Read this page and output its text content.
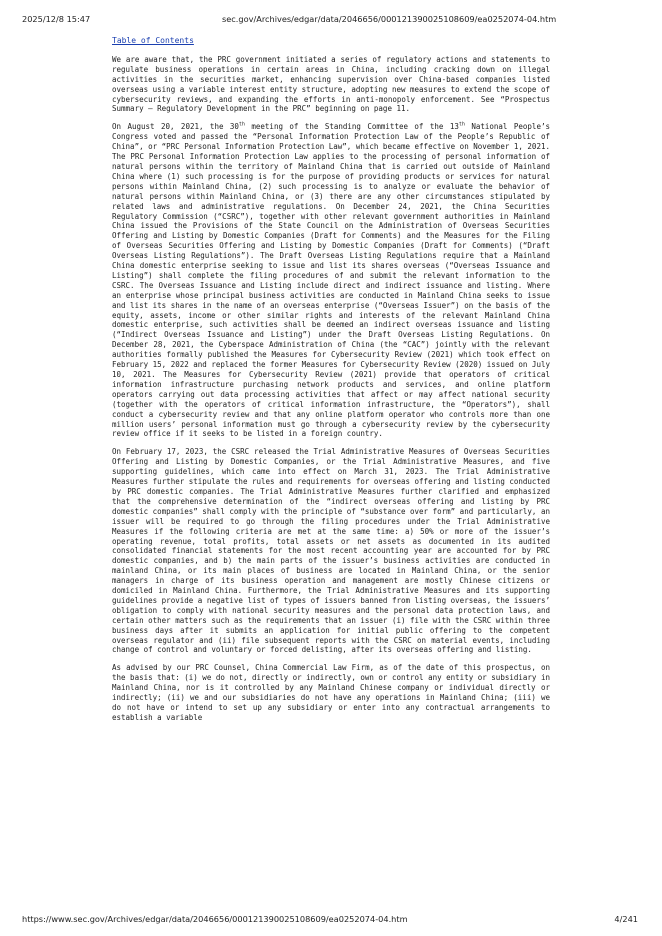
2025/12/8 15:47	sec.gov/Archives/edgar/data/2046656/000121390025108609/ea0252074-04.htm
Table of Contents

We are aware that, the PRC government initiated a series of regulatory actions and statements to regulate business operations in certain areas in China, including cracking down on illegal activities in the securities market, enhancing supervision over China-based companies listed overseas using a variable interest entity structure, adopting new measures to extend the scope of cybersecurity reviews, and expanding the efforts in anti-monopoly enforcement. See “Prospectus Summary — Regulatory Development in the PRC” beginning on page 11.

On August 20, 2021, the 30th meeting of the Standing Committee of the 13th National People’s Congress voted and passed the “Personal Information Protection Law of the People’s Republic of China”, or “PRC Personal Information Protection Law”, which became effective on November 1, 2021. The PRC Personal Information Protection Law applies to the processing of personal information of natural persons within the territory of Mainland China that is carried out outside of Mainland China where (1) such processing is for the purpose of providing products or services for natural persons within Mainland China, (2) such processing is to analyze or evaluate the behavior of natural persons within Mainland China, or (3) there are any other circumstances stipulated by related laws and administrative regulations. On December 24, 2021, the China Securities Regulatory Commission (“CSRC”), together with other relevant government authorities in Mainland China issued the Provisions of the State Council on the Administration of Overseas Securities Offering and Listing by Domestic Companies (Draft for Comments) and the Measures for the Filing of Overseas Securities Offering and Listing by Domestic Companies (Draft for Comments) (“Draft Overseas Listing Regulations”). The Draft Overseas Listing Regulations require that a Mainland China domestic enterprise seeking to issue and list its shares overseas (“Overseas Issuance and Listing”) shall complete the filing procedures of and submit the relevant information to the CSRC. The Overseas Issuance and Listing include direct and indirect issuance and listing. Where an enterprise whose principal business activities are conducted in Mainland China seeks to issue and list its shares in the name of an overseas enterprise (“Overseas Issuer”) on the basis of the equity, assets, income or other similar rights and interests of the relevant Mainland China domestic enterprise, such activities shall be deemed an indirect overseas issuance and listing (“Indirect Overseas Issuance and Listing”) under the Draft Overseas Listing Regulations. On December 28, 2021, the Cyberspace Administration of China (the “CAC”) jointly with the relevant authorities formally published the Measures for Cybersecurity Review (2021) which took effect on February 15, 2022 and replaced the former Measures for Cybersecurity Review (2020) issued on July 10, 2021. The Measures for Cybersecurity Review (2021) provide that operators of critical information infrastructure purchasing network products and services, and online platform operators carrying out data processing activities that affect or may affect national security (together with the operators of critical information infrastructure, the “Operators”), shall conduct a cybersecurity review and that any online platform operator who controls more than one million users’ personal information must go through a cybersecurity review by the cybersecurity review office if it seeks to be listed in a foreign country.

On February 17, 2023, the CSRC released the Trial Administrative Measures of Overseas Securities Offering and Listing by Domestic Companies, or the Trial Administrative Measures, and five supporting guidelines, which came into effect on March 31, 2023. The Trial Administrative Measures further stipulate the rules and requirements for overseas offering and listing conducted by PRC domestic companies. The Trial Administrative Measures further clarified and emphasized that the comprehensive determination of the “indirect overseas offering and listing by PRC domestic companies” shall comply with the principle of “substance over form” and particularly, an issuer will be required to go through the filing procedures under the Trial Administrative Measures if the following criteria are met at the same time: a) 50% or more of the issuer’s operating revenue, total profits, total assets or net assets as documented in its audited consolidated financial statements for the most recent accounting year are accounted for by PRC domestic companies, and b) the main parts of the issuer’s business activities are conducted in mainland China, or its main places of business are located in Mainland China, or the senior managers in charge of its business operation and management are mostly Chinese citizens or domiciled in Mainland China. Furthermore, the Trial Administrative Measures and its supporting guidelines provide a negative list of types of issuers banned from listing overseas, the issuers’ obligation to comply with national security measures and the personal data protection laws, and certain other matters such as the requirements that an issuer (i) file with the CSRC within three business days after it submits an application for initial public offering to the competent overseas regulator and (ii) file subsequent reports with the CSRC on material events, including change of control and voluntary or forced delisting, after its overseas offering and listing.

As advised by our PRC Counsel, China Commercial Law Firm, as of the date of this prospectus, on the basis that: (i) we do not, directly or indirectly, own or control any entity or subsidiary in Mainland China, nor is it controlled by any Mainland Chinese company or individual directly or indirectly; (ii) we and our subsidiaries do not have any operations in Mainland China; (iii) we do not have or intend to set up any subsidiary or enter into any contractual arrangements to establish a variable

https://www.sec.gov/Archives/edgar/data/2046656/000121390025108609/ea0252074-04.htm	4/241
